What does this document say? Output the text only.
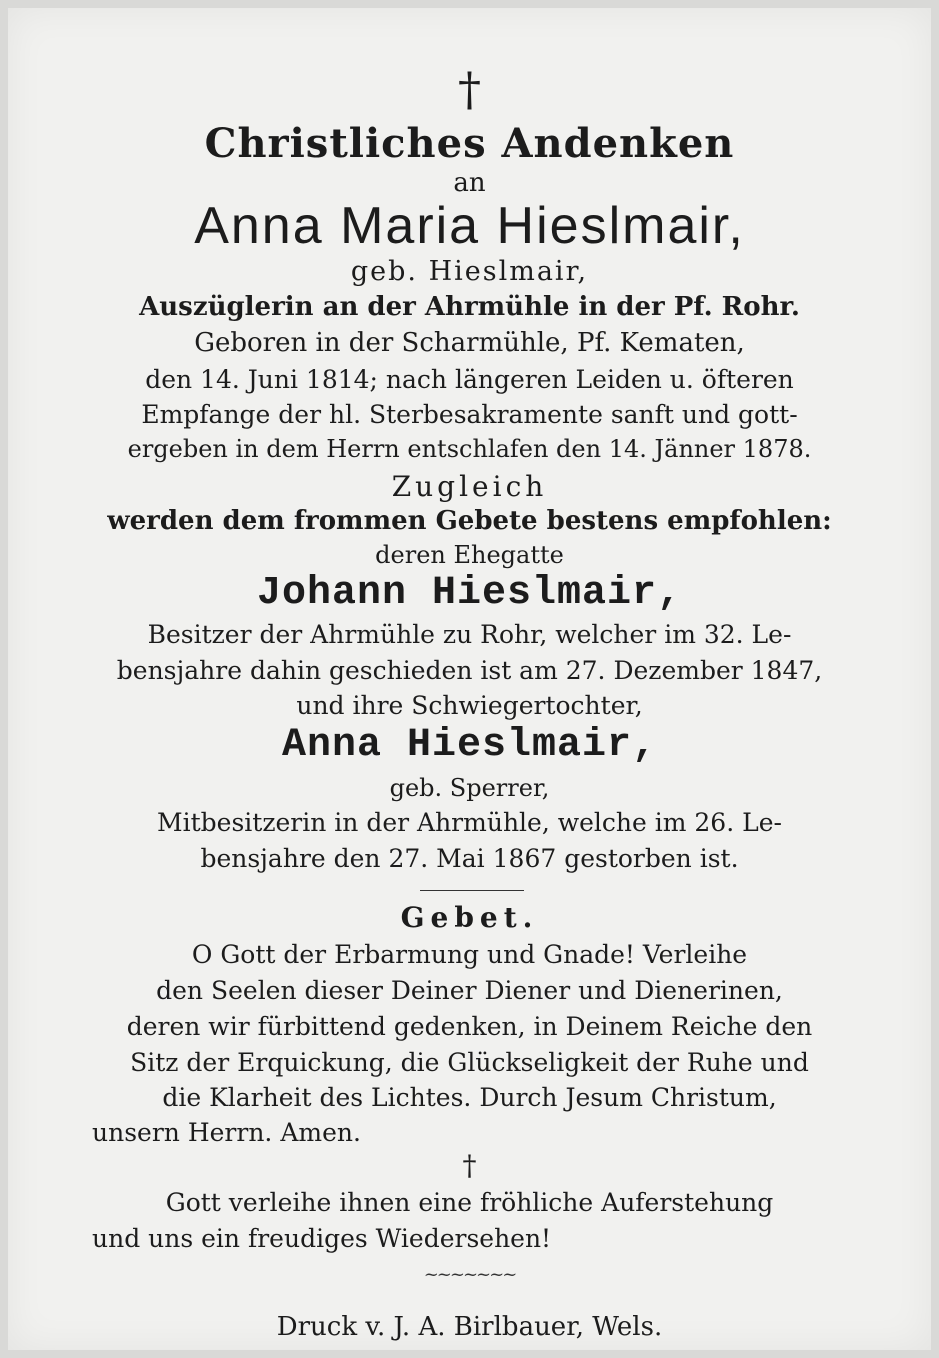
†
Christliches Andenken
an
Anna Maria Hieslmair,
geb. Hieslmair,
Auszüglerin an der Ahrmühle in der Pf. Rohr.
Geboren in der Scharmühle, Pf. Kematen,
den 14. Juni 1814; nach längeren Leiden u. öfteren
Empfange der hl. Sterbesakramente sanft und gott-
ergeben in dem Herrn entschlafen den 14. Jänner 1878.
Zugleich
werden dem frommen Gebete bestens empfohlen:
deren Ehegatte
Johann Hieslmair,
Besitzer der Ahrmühle zu Rohr, welcher im 32. Le-
bensjahre dahin geschieden ist am 27. Dezember 1847,
und ihre Schwiegertochter,
Anna Hieslmair,
geb. Sperrer,
Mitbesitzerin in der Ahrmühle, welche im 26. Le-
bensjahre den 27. Mai 1867 gestorben ist.
Gebet.
O Gott der Erbarmung und Gnade! Verleihe
den Seelen dieser Deiner Diener und Dienerinen,
deren wir fürbittend gedenken, in Deinem Reiche den
Sitz der Erquickung, die Glückseligkeit der Ruhe und
die Klarheit des Lichtes. Durch Jesum Christum,
unsern Herrn. Amen.
†
Gott verleihe ihnen eine fröhliche Auferstehung
und uns ein freudiges Wiedersehen!
~~~~~~~
Druck v. J. A. Birlbauer, Wels.
